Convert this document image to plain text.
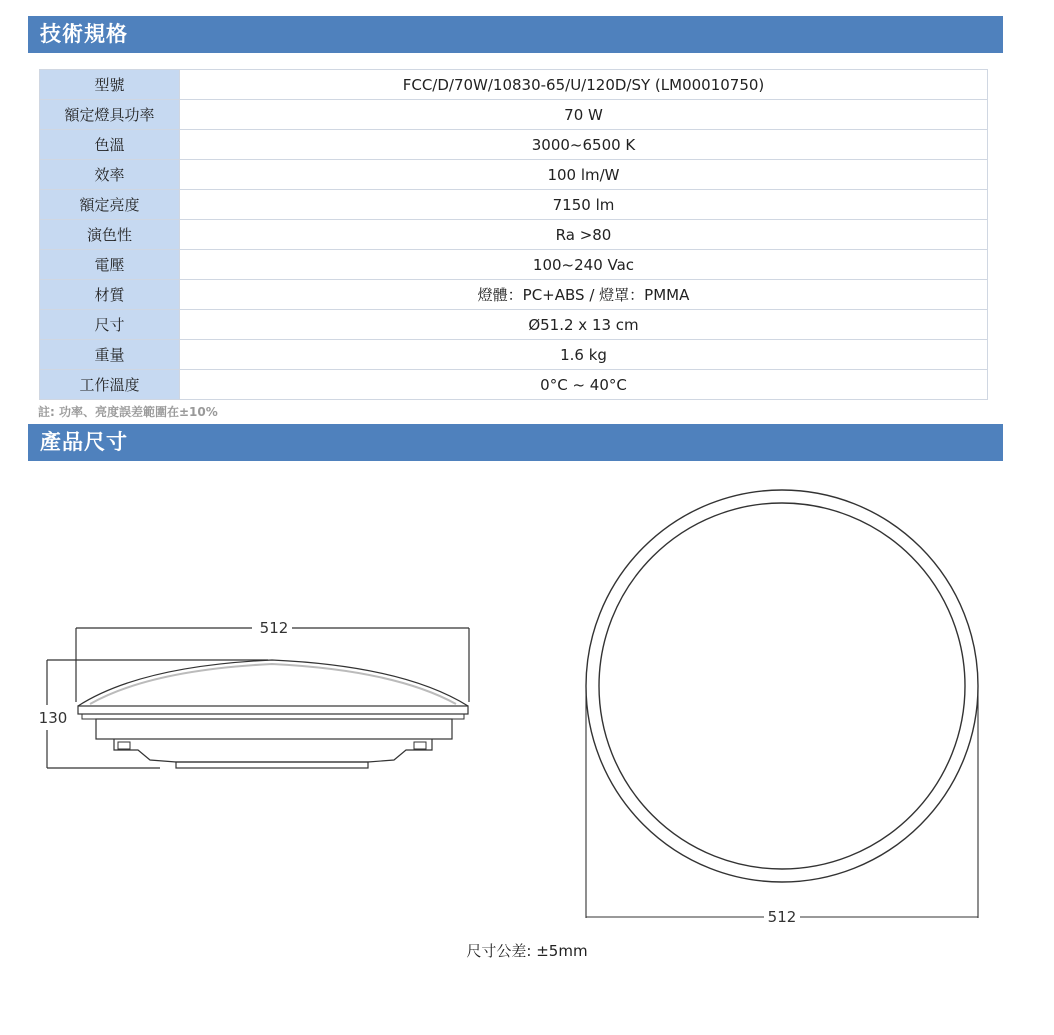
技術規格
型號	FCC/D/70W/10830-65/U/120D/SY (LM00010750)
額定燈具功率	70 W
色溫	3000~6500 K
效率	100 lm/W
額定亮度	7150 lm
演色性	Ra >80
電壓	100~240 Vac
材質	燈體：PC+ABS / 燈罩：PMMA
尺寸	Ø51.2 x 13 cm
重量	1.6 kg
工作溫度	0°C ~ 40°C
註: 功率、亮度誤差範圍在±10%
產品尺寸
512
130
512
尺寸公差: ±5mm
